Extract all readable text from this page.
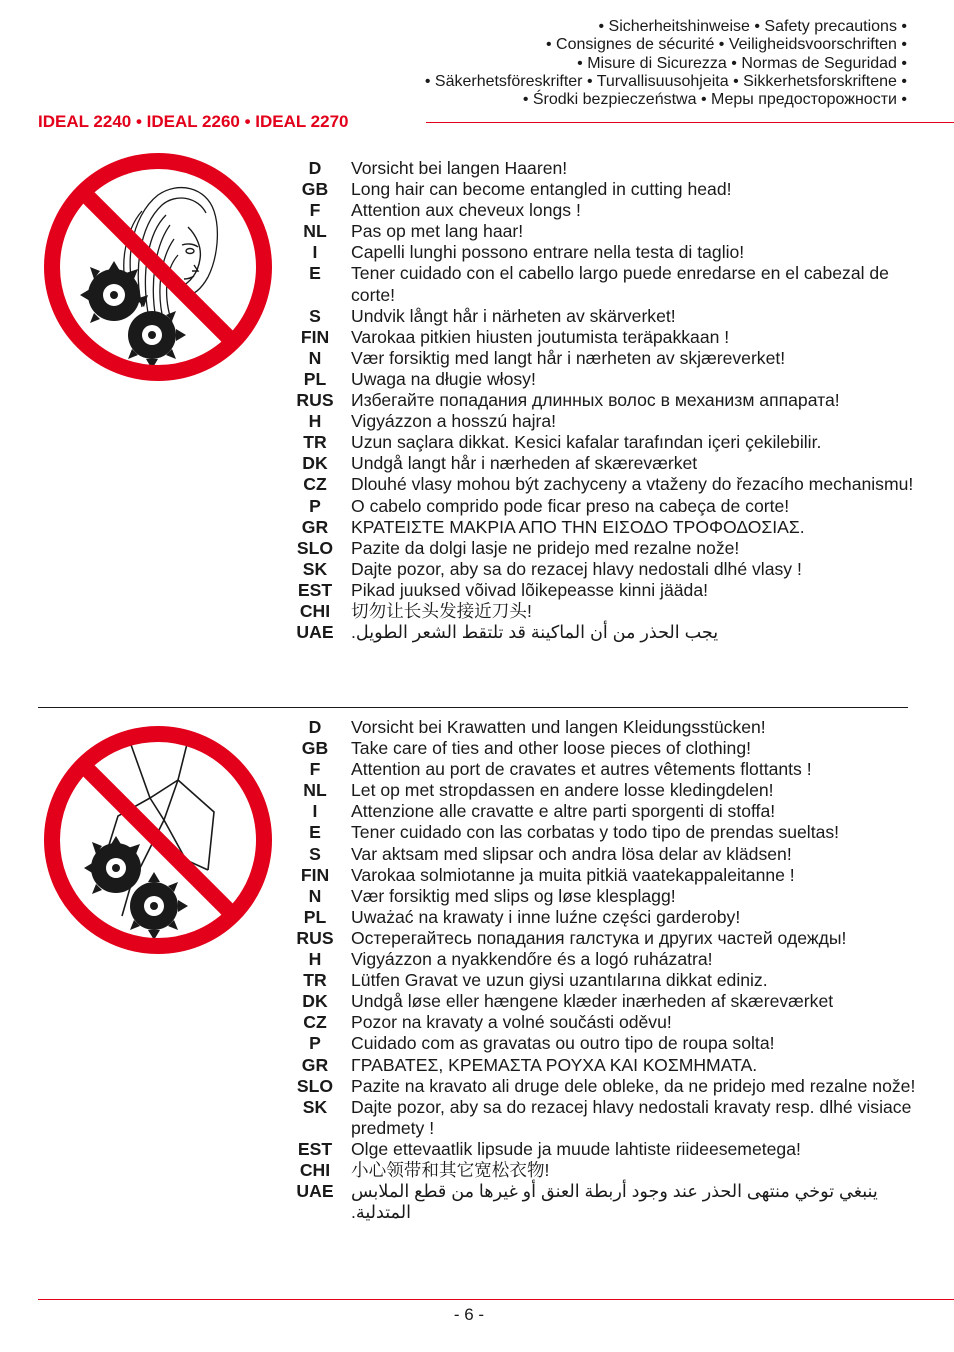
• Sicherheitshinweise • Safety precautions •
• Consignes de sécurité • Veiligheidsvoorschriften •
• Misure di Sicurezza • Normas de Seguridad •
• Säkerhetsföreskrifter • Turvallisuusohjeita • Sikkerhetsforskriftene •
• Środki bezpieczeństwa • Меры предосторожности •
IDEAL 2240 • IDEAL 2260 • IDEAL 2270
D	Vorsicht bei langen Haaren!
GB	Long hair can become entangled in cutting head!
F	Attention aux cheveux longs !
NL	Pas op met lang haar!
I	Capelli lunghi possono entrare nella testa di taglio!
E	Tener cuidado con el cabello largo puede enredarse en el cabezal de corte!
S	Undvik långt hår i närheten av skärverket!
FIN	Varokaa pitkien hiusten joutumista teräpakkaan !
N	Vær forsiktig med langt hår i nærheten av skjæreverket!
PL	Uwaga na długie włosy!
RUS Избегайте попадания длинных волос в механизм аппарата!
H	Vigyázzon a hosszú hajra!
TR	Uzun saçlara dikkat. Kesici kafalar tarafından içeri çekilebilir.
DK	Undgå langt hår i nærheden af skæreværket
CZ	Dlouhé vlasy mohou být zachyceny a vtaženy do řezacího mechanismu!
P	O cabelo comprido pode ficar preso na cabeça de corte!
GR	ΚΡΑΤΕΙΣΤΕ ΜΑΚΡΙΑ ΑΠΟ ΤΗΝ ΕΙΣΟΔΟ ΤΡΟΦΟΔΟΣΙΑΣ.
SLO	Pazite da dolgi lasje ne pridejo med rezalne nože!
SK	Dajte pozor, aby sa do rezacej hlavy nedostali dlhé vlasy !
EST	Pikad juuksed võivad lõikepeasse kinni jääda!
CHI	切勿让长头发接近刀头!
UAE يجب الحذر من أن الماكينة قد تلتقط الشعر الطويل.
D	Vorsicht bei Krawatten und langen Kleidungsstücken!
GB	Take care of ties and other loose pieces of clothing!
F	Attention au port de cravates et autres vêtements flottants !
NL	Let op met stropdassen en andere losse kledingdelen!
I	Attenzione alle cravatte e altre parti sporgenti di stoffa!
E	Tener cuidado con las corbatas y todo tipo de prendas sueltas!
S	Var aktsam med slipsar och andra lösa delar av klädsen!
FIN	Varokaa solmiotanne ja muita pitkiä vaatekappaleitanne !
N	Vær forsiktig med slips og løse klesplagg!
PL	Uważać na krawaty i inne luźne części garderoby!
RUS Остерегайтесь попадания галстука и других частей одежды!
H	Vigyázzon a nyakkendőre és a logó ruházatra!
TR	Lütfen Gravat ve uzun giysi uzantılarına dikkat ediniz.
DK	Undgå løse eller hængene klæder inærheden af skæreværket
CZ	Pozor na kravaty a volné součásti oděvu!
P	Cuidado com as gravatas ou outro tipo de roupa solta!
GR	ΓΡΑΒΑΤΕΣ, ΚΡΕΜΑΣΤΑ ΡΟΥΧΑ ΚΑΙ ΚΟΣΜΗΜΑΤΑ.
SLO	Pazite na kravato ali druge dele obleke, da ne pridejo med rezalne nože!
SK	Dajte pozor, aby sa do rezacej hlavy nedostali kravaty resp. dlhé visiace predmety !
EST	Olge ettevaatlik lipsude ja muude lahtiste riideesemetega!
CHI	小心领带和其它宽松衣物!
UAE ينبغي توخي منتهى الحذر عند وجود أربطة العنق أو غيرها من قطع الملابس المتدلية.
- 6 -
